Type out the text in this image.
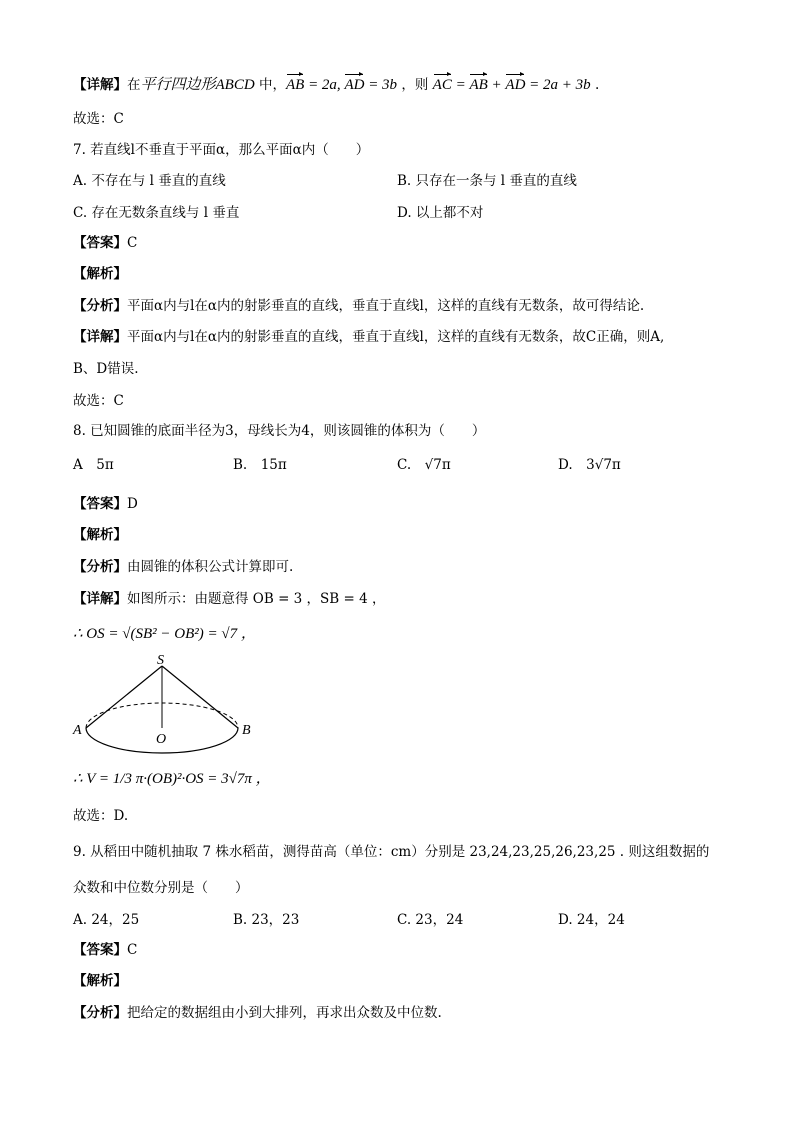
【详解】在平行四边形ABCD 中，AB = 2a, AD = 3b ，则 AC = AB + AD = 2a + 3b .
故选：C
7. 若直线l不垂直于平面α，那么平面α内（　　）
A. 不存在与 l 垂直的直线	B. 只存在一条与 l 垂直的直线
C. 存在无数条直线与 l 垂直	D. 以上都不对
【答案】C
【解析】
【分析】平面α内与l在α内的射影垂直的直线，垂直于直线l，这样的直线有无数条，故可得结论.
【详解】平面α内与l在α内的射影垂直的直线，垂直于直线l，这样的直线有无数条，故C正确，则A,
B、D错误.
故选：C
8. 已知圆锥的底面半径为3，母线长为4，则该圆锥的体积为（　　）
A　5π	B.　15π	C.　√7π	D.　3√7π
【答案】D
【解析】
【分析】由圆锥的体积公式计算即可.
【详解】如图所示：由题意得 OB = 3 ，SB = 4 ，
∴ OS = √(SB² − OB²) = √7 ，
S
A
O
B
∴ V = 1/3 π·(OB)²·OS = 3√7π ，
故选：D.
9. 从稻田中随机抽取 7 株水稻苗，测得苗高（单位：cm）分别是 23,24,23,25,26,23,25 . 则这组数据的
众数和中位数分别是（　　）
A. 24，25	B. 23，23	C. 23，24	D. 24，24
【答案】C
【解析】
【分析】把给定的数据组由小到大排列，再求出众数及中位数.
